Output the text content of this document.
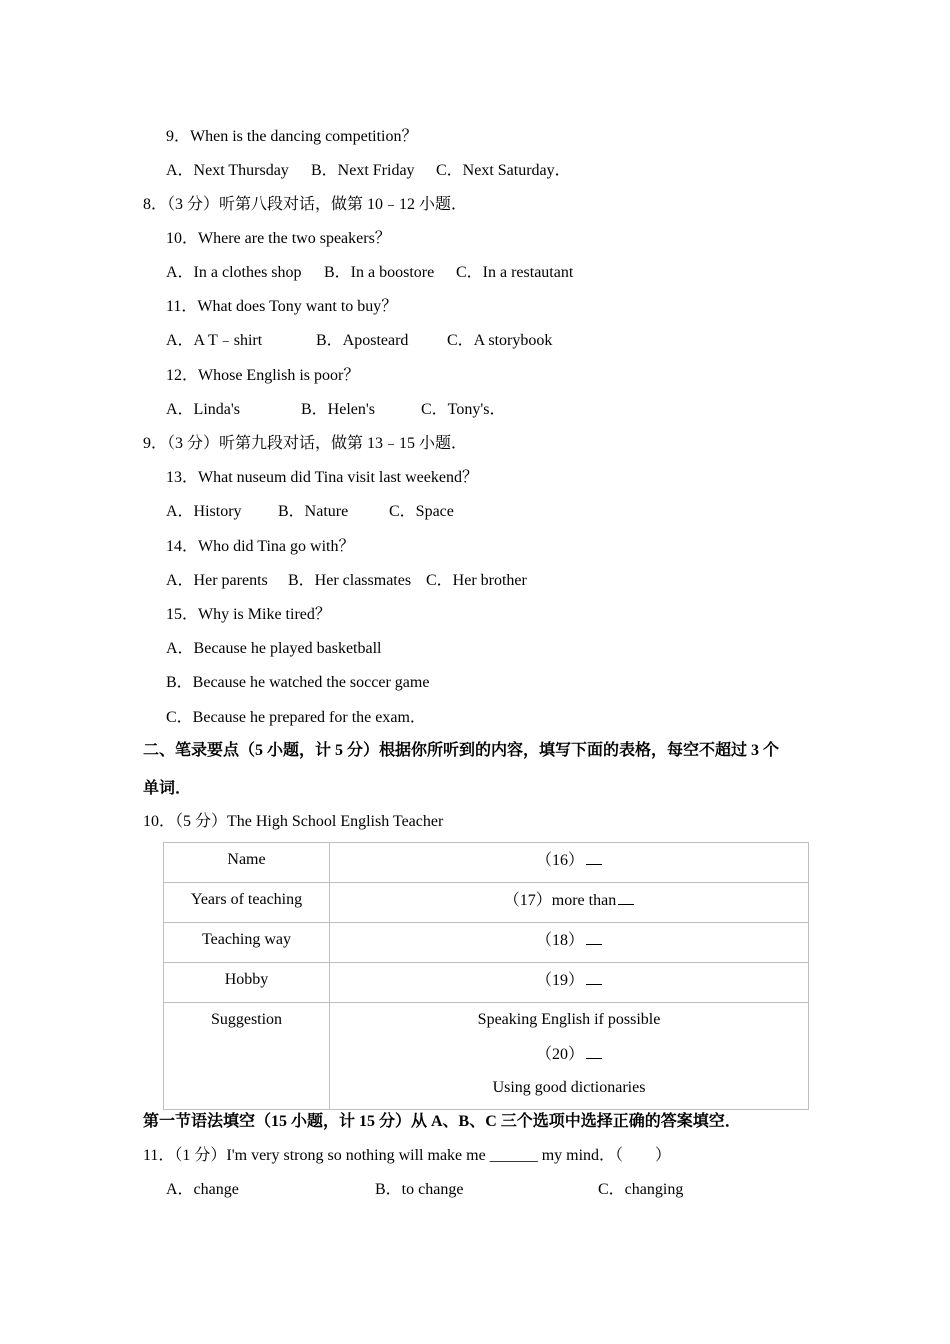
9．When is the dancing competition？
A．Next Thursday B．Next Friday C．Next Saturday．
8．（3 分）听第八段对话，做第 10﹣12 小题．
10．Where are the two speakers？
A．In a clothes shop B．In a boostore C．In a restautant
11．What does Tony want to buy？
A．A T﹣shirt	B．Aposteard C．A storybook
12．Whose English is poor？
A．Linda's	B．Helen's	C．Tony's．
9．（3 分）听第九段对话，做第 13﹣15 小题．
13．What nuseum did Tina visit last weekend？
A．History B．Nature	C．Space
14．Who did Tina go with？
A．Her parents B．Her classmates C．Her brother
15．Why is Mike tired？
A．Because he played basketball
B．Because he watched the soccer game
C．Because he prepared for the exam．
二、笔录要点（5 小题，计 5 分）根据你所听到的内容，填写下面的表格，每空不超过 3 个
单词．
10．（5 分）The High School English Teacher
Name	（16）
Years of teaching	（17）more than
Teaching way	（18）
Hobby	（19）
Suggestion	Speaking English if possible
（20）
Using good dictionaries
第一节语法填空（15 小题，计 15 分）从 A、B、C 三个选项中选择正确的答案填空．
11．（1 分）I'm very strong so nothing will make me ______ my mind．（　　）
A．change	B．to change	C．changing
